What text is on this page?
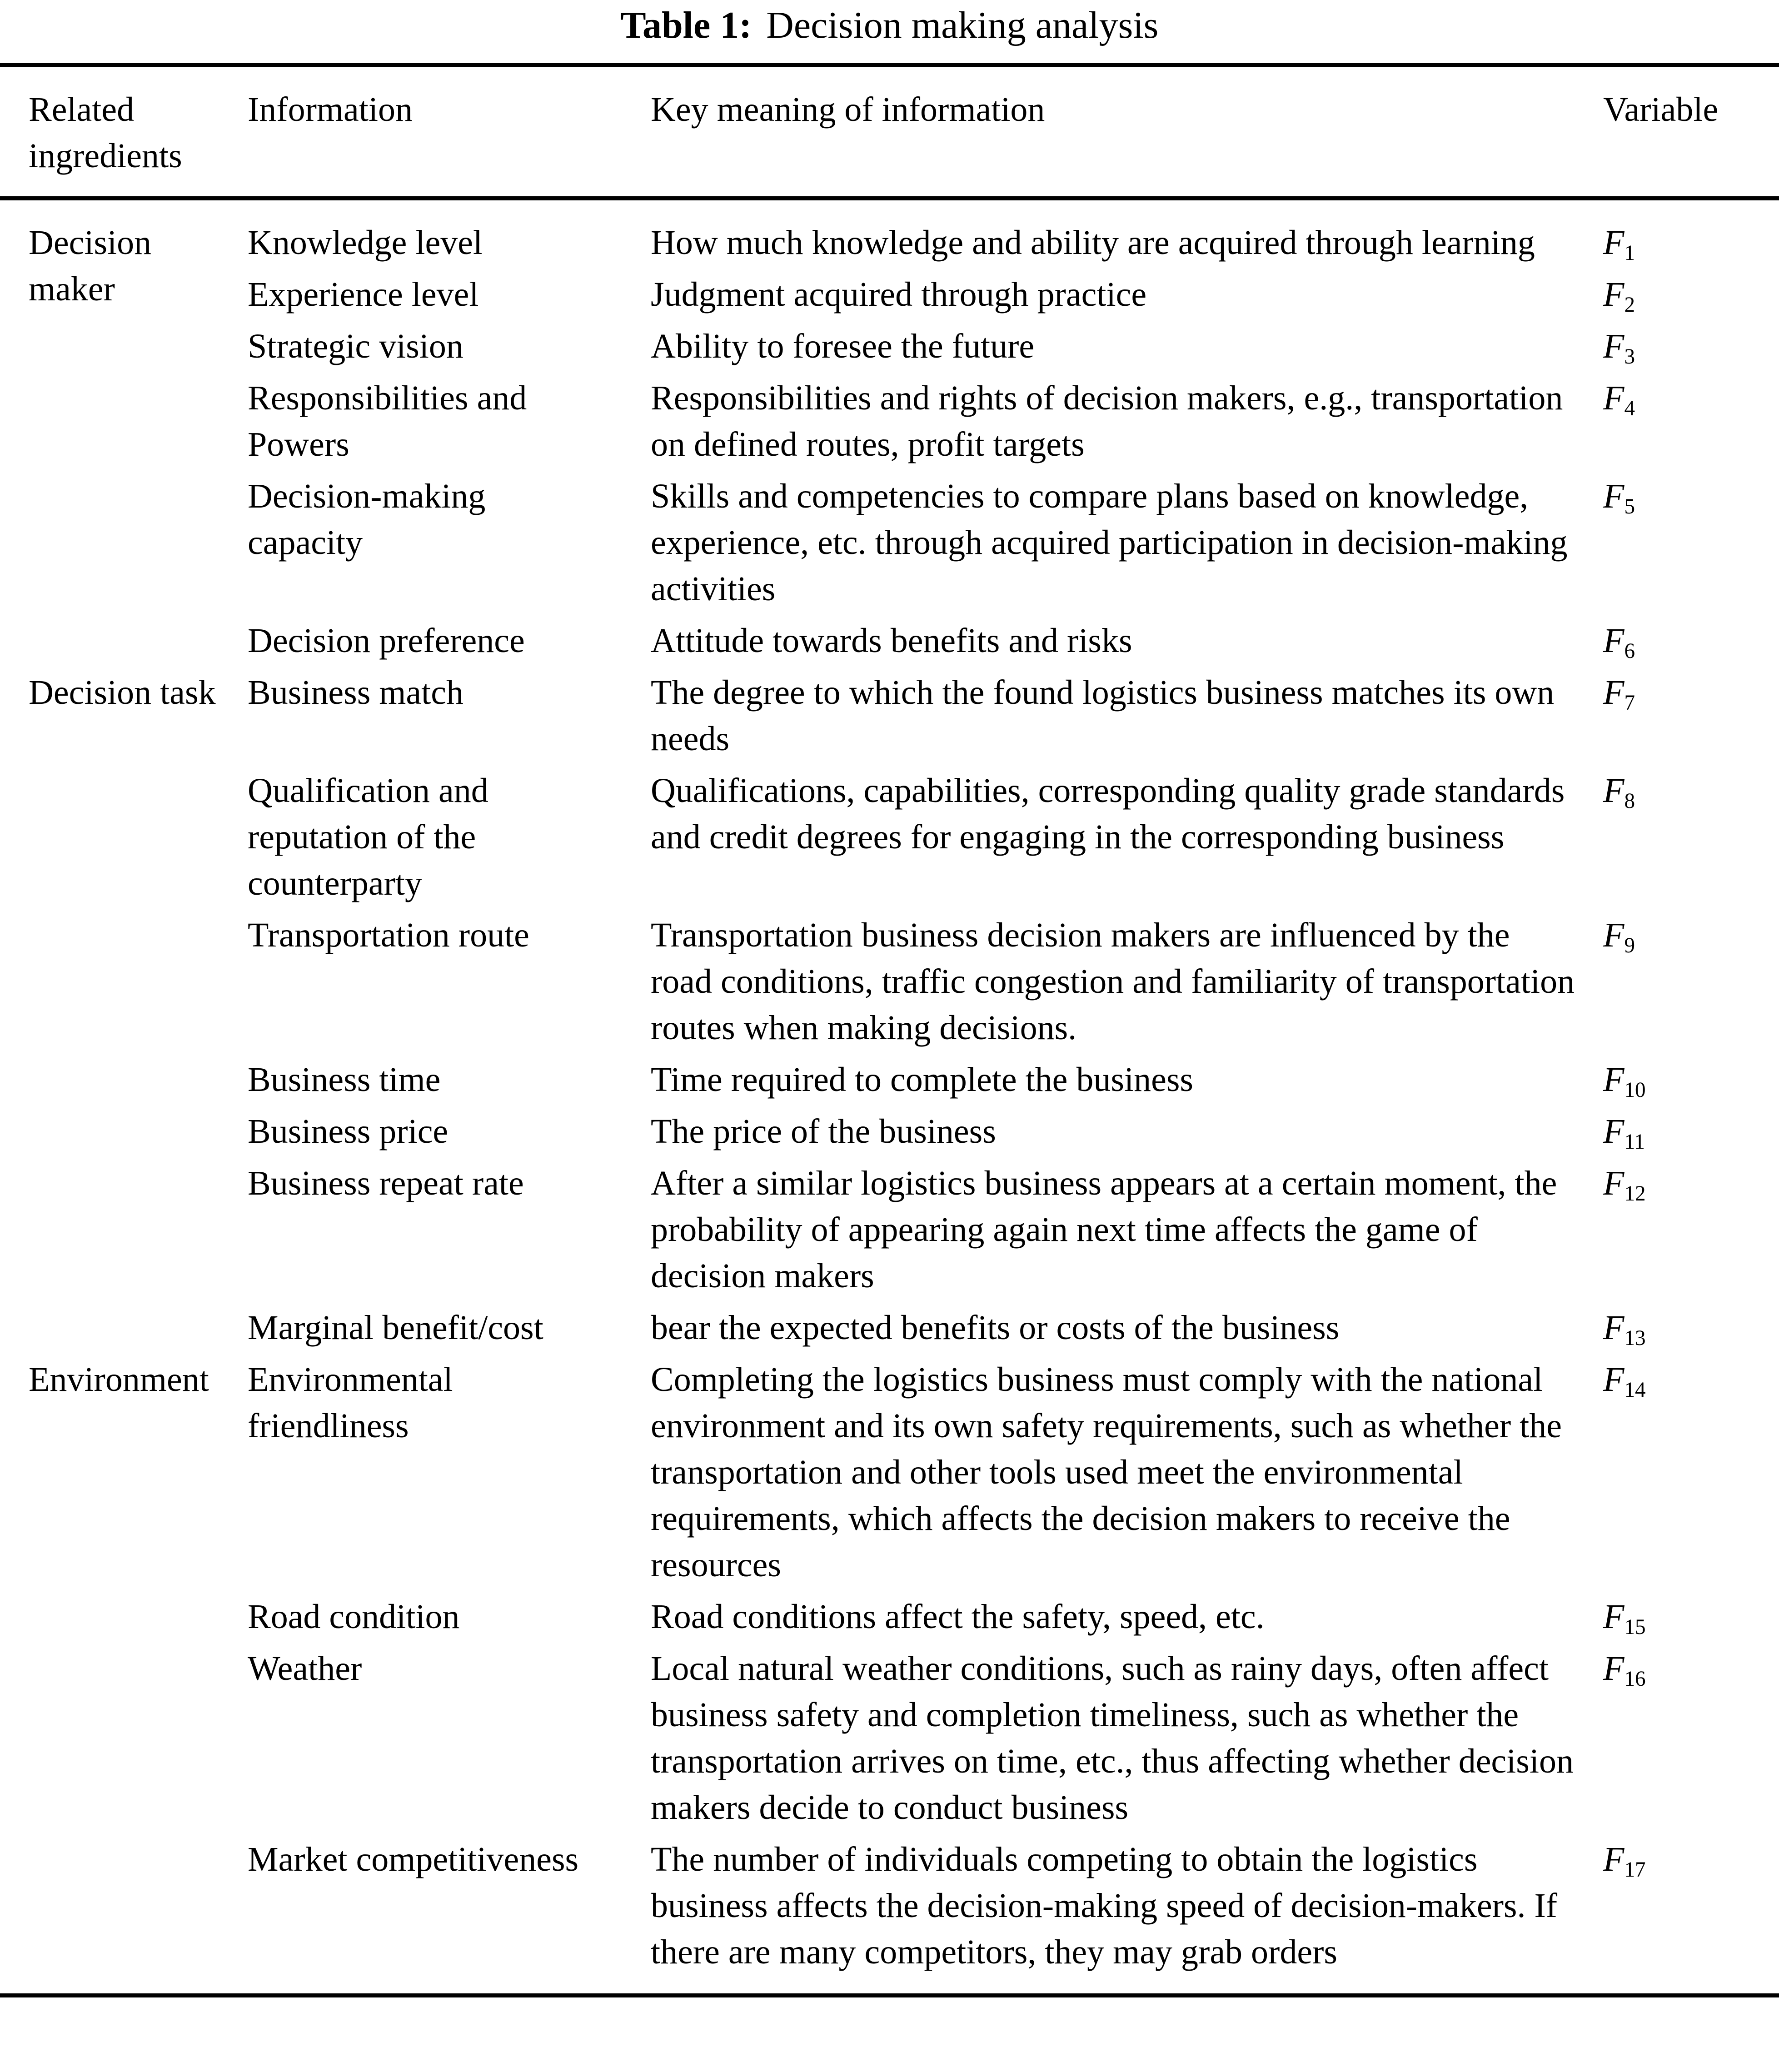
Table 1: Decision making analysis
Related ingredients	Information	Key meaning of information	Variable
Decision maker	Knowledge level	How much knowledge and ability are acquired through learning	$F_1$
	Experience level	Judgment acquired through practice	$F_2$
	Strategic vision	Ability to foresee the future	$F_3$
	Responsibilities and Powers	Responsibilities and rights of decision makers, e.g., transportation on defined routes, profit targets	$F_4$
	Decision-making capacity	Skills and competencies to compare plans based on knowledge, experience, etc. through acquired participation in decision-making activities	$F_5$
	Decision preference	Attitude towards benefits and risks	$F_6$
Decision task	Business match	The degree to which the found logistics business matches its own needs	$F_7$
	Qualification and reputation of the counterparty	Qualifications, capabilities, corresponding quality grade standards and credit degrees for engaging in the corresponding business	$F_8$
	Transportation route	Transportation business decision makers are influenced by the road conditions, traffic congestion and familiarity of transportation routes when making decisions.	$F_9$
	Business time	Time required to complete the business	$F_{10}$
	Business price	The price of the business	$F_{11}$
	Business repeat rate	After a similar logistics business appears at a certain moment, the probability of appearing again next time affects the game of decision makers	$F_{12}$
	Marginal benefit/cost	bear the expected benefits or costs of the business	$F_{13}$
Environment	Environmental friendliness	Completing the logistics business must comply with the national environment and its own safety requirements, such as whether the transportation and other tools used meet the environmental requirements, which affects the decision makers to receive the resources	$F_{14}$
	Road condition	Road conditions affect the safety, speed, etc.	$F_{15}$
	Weather	Local natural weather conditions, such as rainy days, often affect business safety and completion timeliness, such as whether the transportation arrives on time, etc., thus affecting whether decision makers decide to conduct business	$F_{16}$
	Market competitiveness	The number of individuals competing to obtain the logistics business affects the decision-making speed of decision-makers. If there are many competitors, they may grab orders	$F_{17}$
